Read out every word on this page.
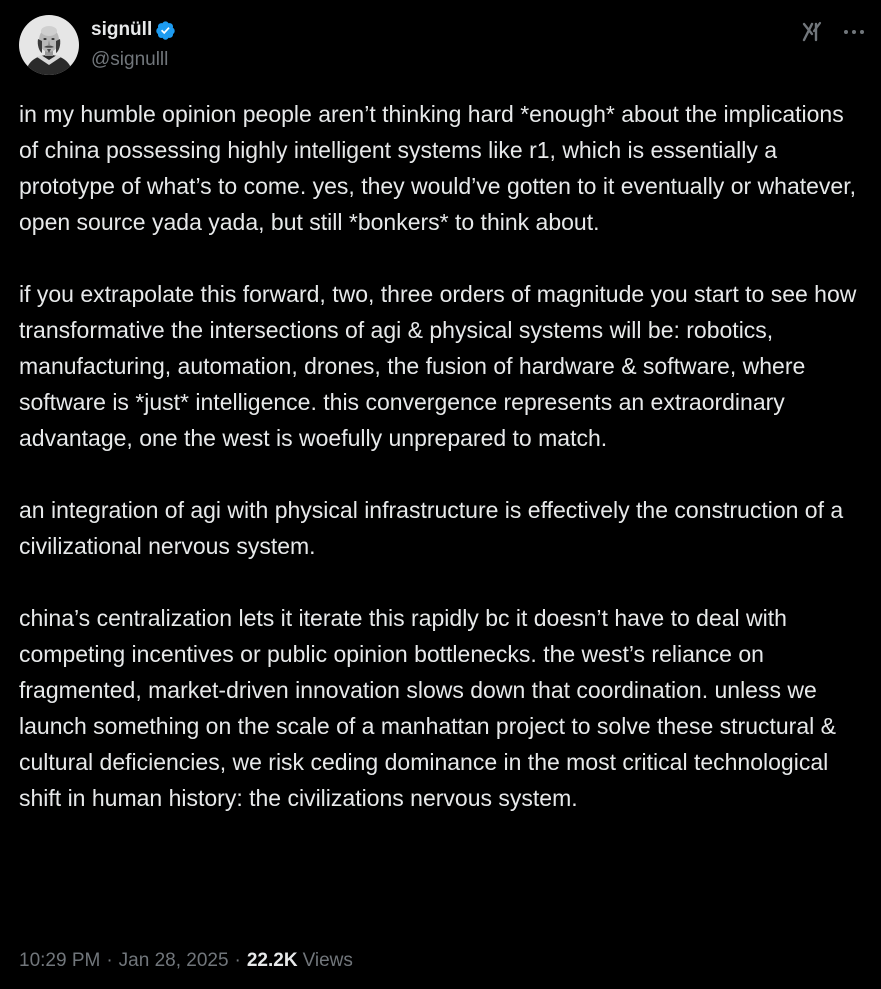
signüll
@signulll

in my humble opinion people aren’t thinking hard *enough* about the implications of china possessing highly intelligent systems like r1, which is essentially a prototype of what’s to come. yes, they would’ve gotten to it eventually or whatever, open source yada yada, but still *bonkers* to think about.

if you extrapolate this forward, two, three orders of magnitude you start to see how transformative the intersections of agi & physical systems will be: robotics, manufacturing, automation, drones, the fusion of hardware & software, where software is *just* intelligence. this convergence represents an extraordinary advantage, one the west is woefully unprepared to match.

an integration of agi with physical infrastructure is effectively the construction of a civilizational nervous system.

china’s centralization lets it iterate this rapidly bc it doesn’t have to deal with competing incentives or public opinion bottlenecks. the west’s reliance on fragmented, market-driven innovation slows down that coordination. unless we launch something on the scale of a manhattan project to solve these structural & cultural deficiencies, we risk ceding dominance in the most critical technological shift in human history: the civilizations nervous system.

10:29 PM · Jan 28, 2025 · 22.2K Views
